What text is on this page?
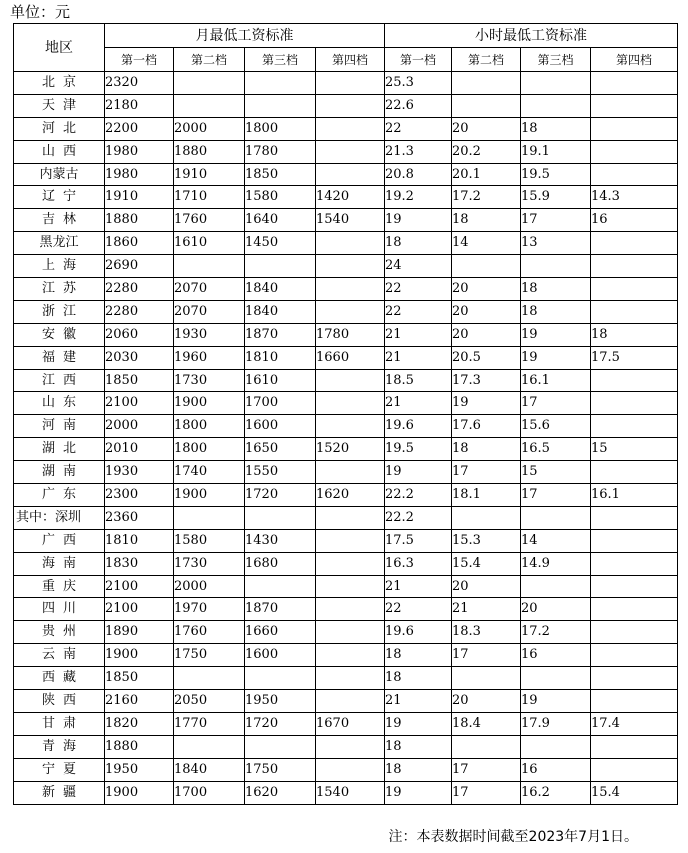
单位：元
地区	月最低工资标准				小时最低工资标准			
	第一档	第二档	第三档	第四档	第一档	第二档	第三档	第四档
北京	2320				25.3			
天津	2180				22.6			
河北	2200	2000	1800		22	20	18	
山西	1980	1880	1780		21.3	20.2	19.1	
内蒙古	1980	1910	1850		20.8	20.1	19.5	
辽宁	1910	1710	1580	1420	19.2	17.2	15.9	14.3
吉林	1880	1760	1640	1540	19	18	17	16
黑龙江	1860	1610	1450		18	14	13	
上海	2690				24			
江苏	2280	2070	1840		22	20	18	
浙江	2280	2070	1840		22	20	18	
安徽	2060	1930	1870	1780	21	20	19	18
福建	2030	1960	1810	1660	21	20.5	19	17.5
江西	1850	1730	1610		18.5	17.3	16.1	
山东	2100	1900	1700		21	19	17	
河南	2000	1800	1600		19.6	17.6	15.6	
湖北	2010	1800	1650	1520	19.5	18	16.5	15
湖南	1930	1740	1550		19	17	15	
广东	2300	1900	1720	1620	22.2	18.1	17	16.1
其中：深圳	2360				22.2			
广西	1810	1580	1430		17.5	15.3	14	
海南	1830	1730	1680		16.3	15.4	14.9	
重庆	2100	2000			21	20		
四川	2100	1970	1870		22	21	20	
贵州	1890	1760	1660		19.6	18.3	17.2	
云南	1900	1750	1600		18	17	16	
西藏	1850				18			
陕西	2160	2050	1950		21	20	19	
甘肃	1820	1770	1720	1670	19	18.4	17.9	17.4
青海	1880				18			
宁夏	1950	1840	1750		18	17	16	
新疆	1900	1700	1620	1540	19	17	16.2	15.4
注：本表数据时间截至2023年7月1日。
